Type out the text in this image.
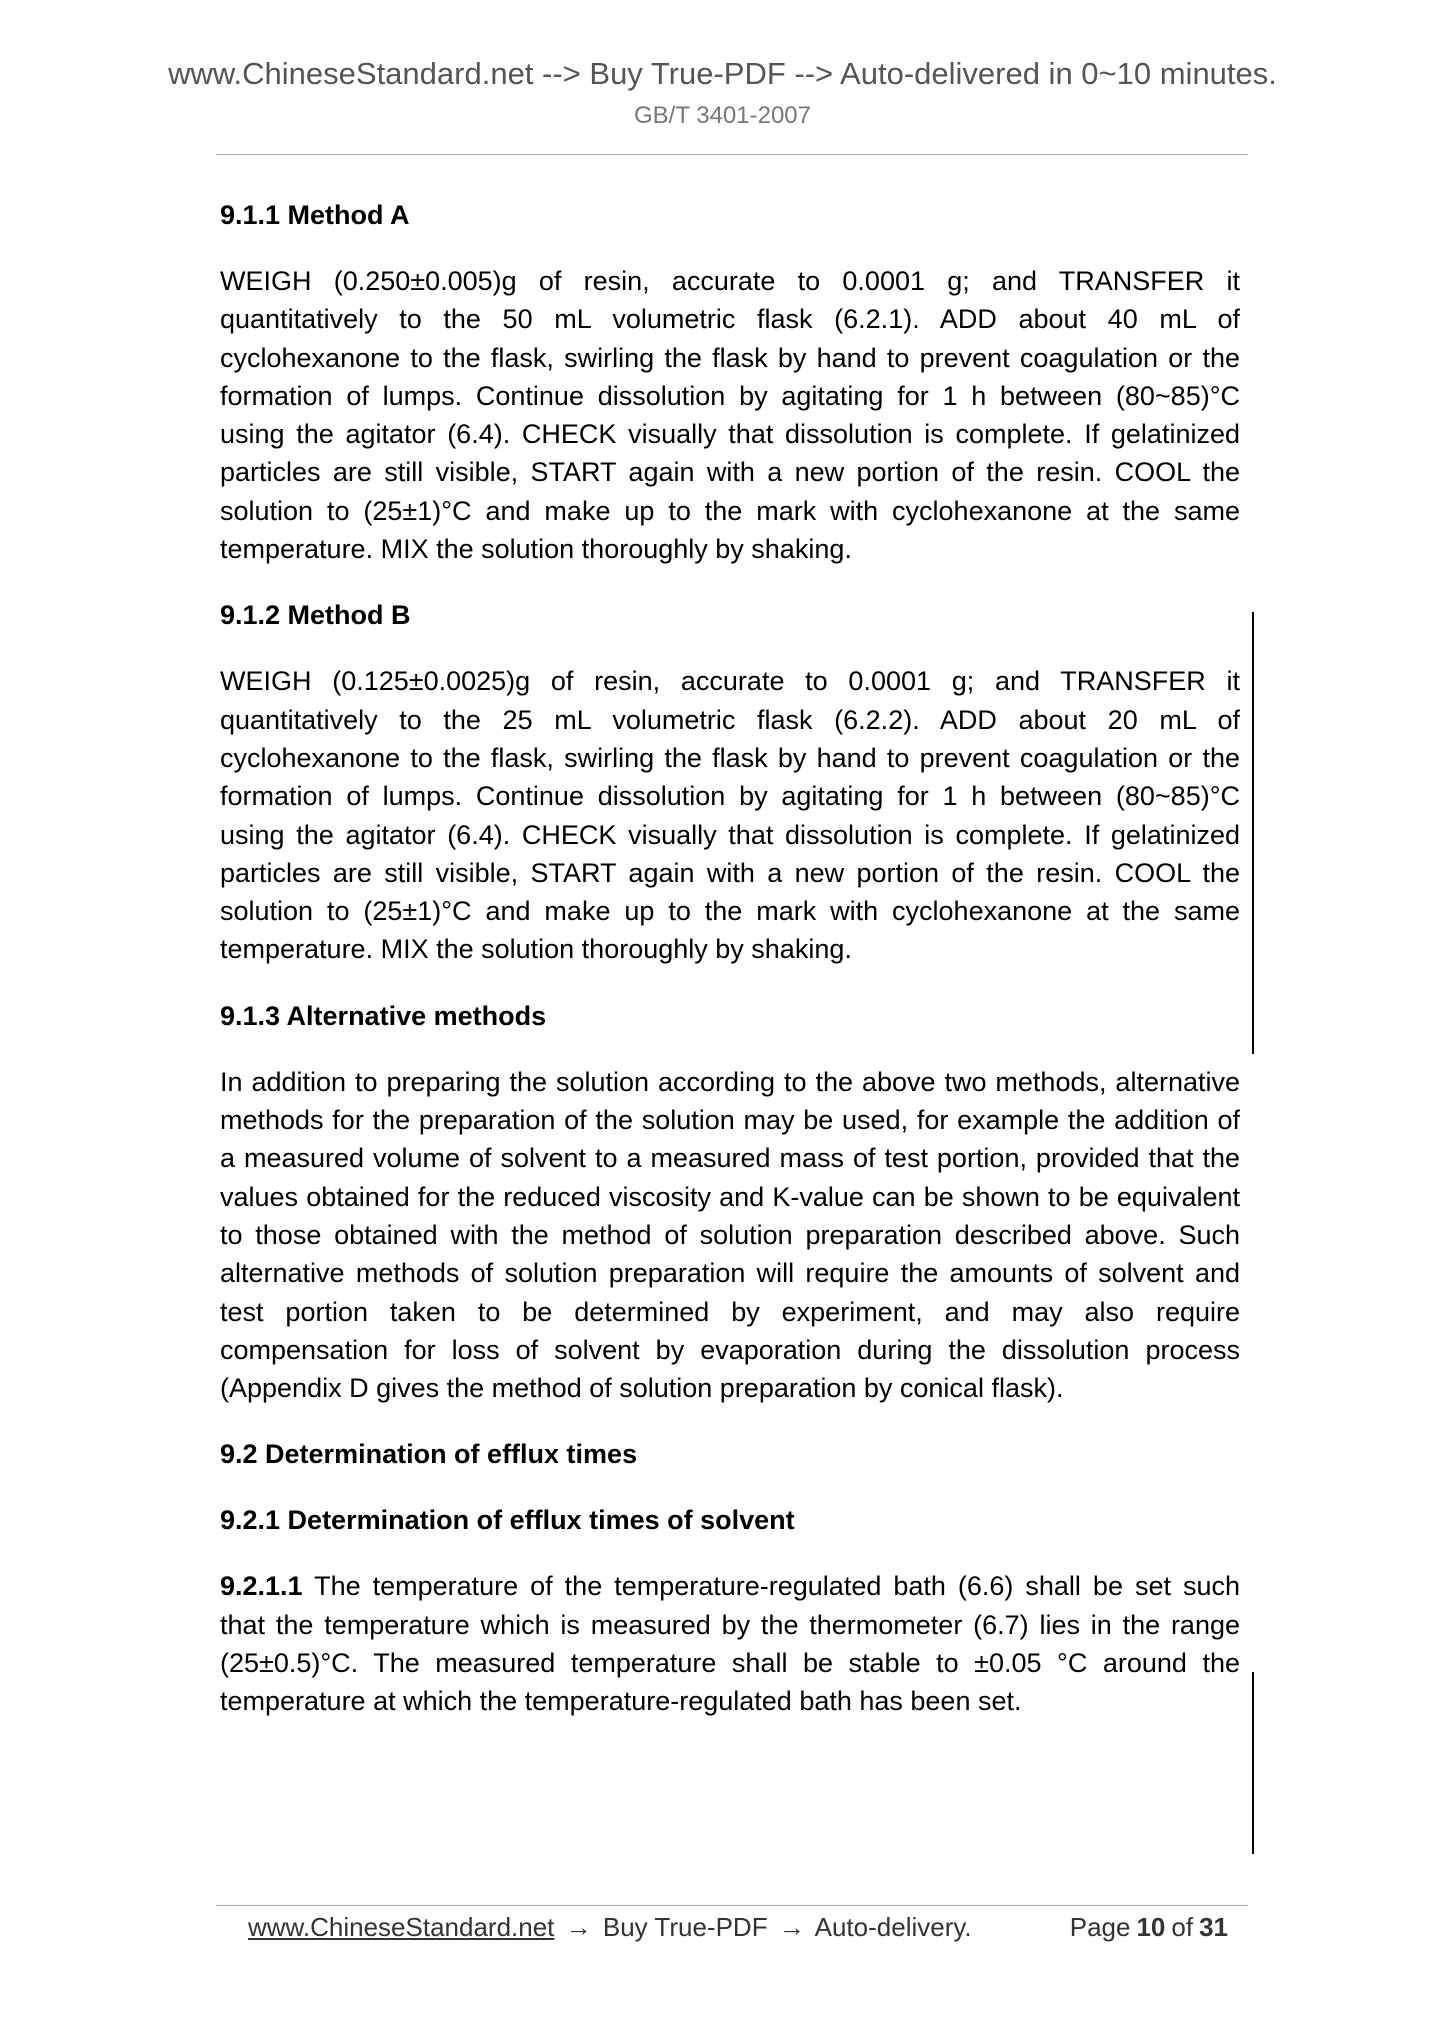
www.ChineseStandard.net --> Buy True-PDF --> Auto-delivered in 0~10 minutes.
GB/T 3401-2007
9.1.1 Method A
WEIGH (0.250±0.005)g of resin, accurate to 0.0001 g; and TRANSFER it quantitatively to the 50 mL volumetric flask (6.2.1). ADD about 40 mL of cyclohexanone to the flask, swirling the flask by hand to prevent coagulation or the formation of lumps. Continue dissolution by agitating for 1 h between (80~85)°C using the agitator (6.4). CHECK visually that dissolution is complete. If gelatinized particles are still visible, START again with a new portion of the resin. COOL the solution to (25±1)°C and make up to the mark with cyclohexanone at the same temperature. MIX the solution thoroughly by shaking.
9.1.2 Method B
WEIGH (0.125±0.0025)g of resin, accurate to 0.0001 g; and TRANSFER it quantitatively to the 25 mL volumetric flask (6.2.2). ADD about 20 mL of cyclohexanone to the flask, swirling the flask by hand to prevent coagulation or the formation of lumps. Continue dissolution by agitating for 1 h between (80~85)°C using the agitator (6.4). CHECK visually that dissolution is complete. If gelatinized particles are still visible, START again with a new portion of the resin. COOL the solution to (25±1)°C and make up to the mark with cyclohexanone at the same temperature. MIX the solution thoroughly by shaking.
9.1.3 Alternative methods
In addition to preparing the solution according to the above two methods, alternative methods for the preparation of the solution may be used, for example the addition of a measured volume of solvent to a measured mass of test portion, provided that the values obtained for the reduced viscosity and K-value can be shown to be equivalent to those obtained with the method of solution preparation described above. Such alternative methods of solution preparation will require the amounts of solvent and test portion taken to be determined by experiment, and may also require compensation for loss of solvent by evaporation during the dissolution process (Appendix D gives the method of solution preparation by conical flask).
9.2 Determination of efflux times
9.2.1 Determination of efflux times of solvent
9.2.1.1 The temperature of the temperature-regulated bath (6.6) shall be set such that the temperature which is measured by the thermometer (6.7) lies in the range (25±0.5)°C. The measured temperature shall be stable to ±0.05 °C around the temperature at which the temperature-regulated bath has been set.
www.ChineseStandard.net → Buy True-PDF → Auto-delivery.	Page 10 of 31
